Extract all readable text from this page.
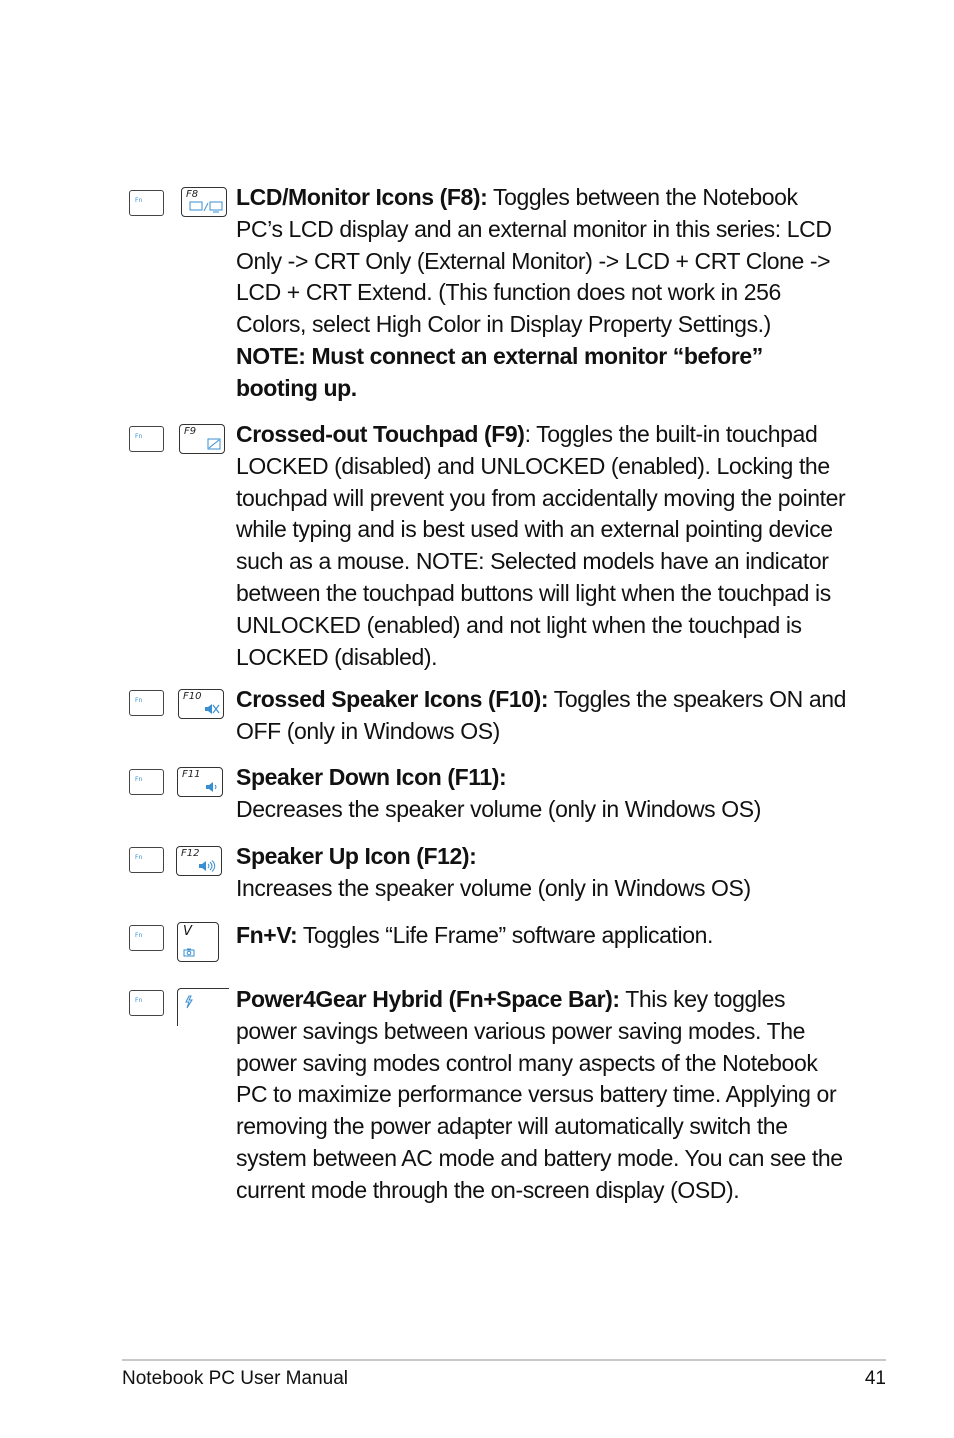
Fn
F8 LCD/Monitor Icons (F8): Toggles between the Notebook PC’s LCD display and an external monitor in this series: LCD Only -> CRT Only (External Monitor) -> LCD + CRT Clone -> LCD + CRT Extend. (This function does not work in 256 Colors, select High Color in Display Property Settings.) NOTE: Must connect an external monitor “before” booting up.
Fn	F9 Crossed-out Touchpad (F9): Toggles the built-in touchpad LOCKED (disabled) and UNLOCKED (enabled). Locking the touchpad will prevent you from accidentally moving the pointer while typing and is best used with an external pointing device such as a mouse. NOTE: Selected models have an indicator between the touchpad buttons will light when the touchpad is UNLOCKED (enabled) and not light when the touchpad is LOCKED (disabled).
Fn	F10 Crossed Speaker Icons (F10): Toggles the speakers ON and OFF (only in Windows OS)
Fn	F11 Speaker Down Icon (F11):
Decreases the speaker volume (only in Windows OS)
Fn	F12 Speaker Up Icon (F12):
Increases the speaker volume (only in Windows OS)
Fn	V Fn+V: Toggles “Life Frame” software application.
Fn	Power4Gear Hybrid (Fn+Space Bar): This key toggles power savings between various power saving modes. The power saving modes control many aspects of the Notebook PC to maximize performance versus battery time. Applying or removing the power adapter will automatically switch the system between AC mode and battery mode. You can see the current mode through the on-screen display (OSD).
Notebook PC User Manual	41
